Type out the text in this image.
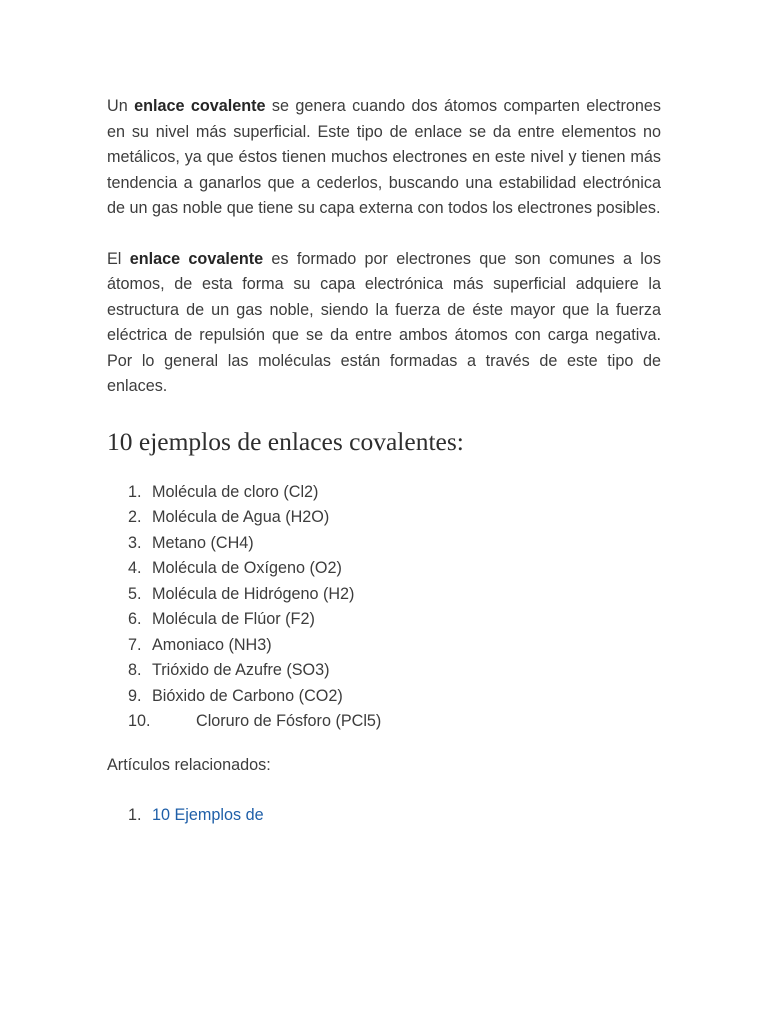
Un enlace covalente se genera cuando dos átomos comparten electrones en su nivel más superficial. Este tipo de enlace se da entre elementos no metálicos, ya que éstos tienen muchos electrones en este nivel y tienen más tendencia a ganarlos que a cederlos, buscando una estabilidad electrónica de un gas noble que tiene su capa externa con todos los electrones posibles.

El enlace covalente es formado por electrones que son comunes a los átomos, de esta forma su capa electrónica más superficial adquiere la estructura de un gas noble, siendo la fuerza de éste mayor que la fuerza eléctrica de repulsión que se da entre ambos átomos con carga negativa. Por lo general las moléculas están formadas a través de este tipo de enlaces.

10 ejemplos de enlaces covalentes:
1. Molécula de cloro (Cl2)
2. Molécula de Agua (H2O)
3. Metano (CH4)
4. Molécula de Oxígeno (O2)
5. Molécula de Hidrógeno (H2)
6. Molécula de Flúor (F2)
7. Amoniaco (NH3)
8. Trióxido de Azufre (SO3)
9. Bióxido de Carbono (CO2)
10.	Cloruro de Fósforo (PCl5)

Artículos relacionados:

1. 10 Ejemplos de
